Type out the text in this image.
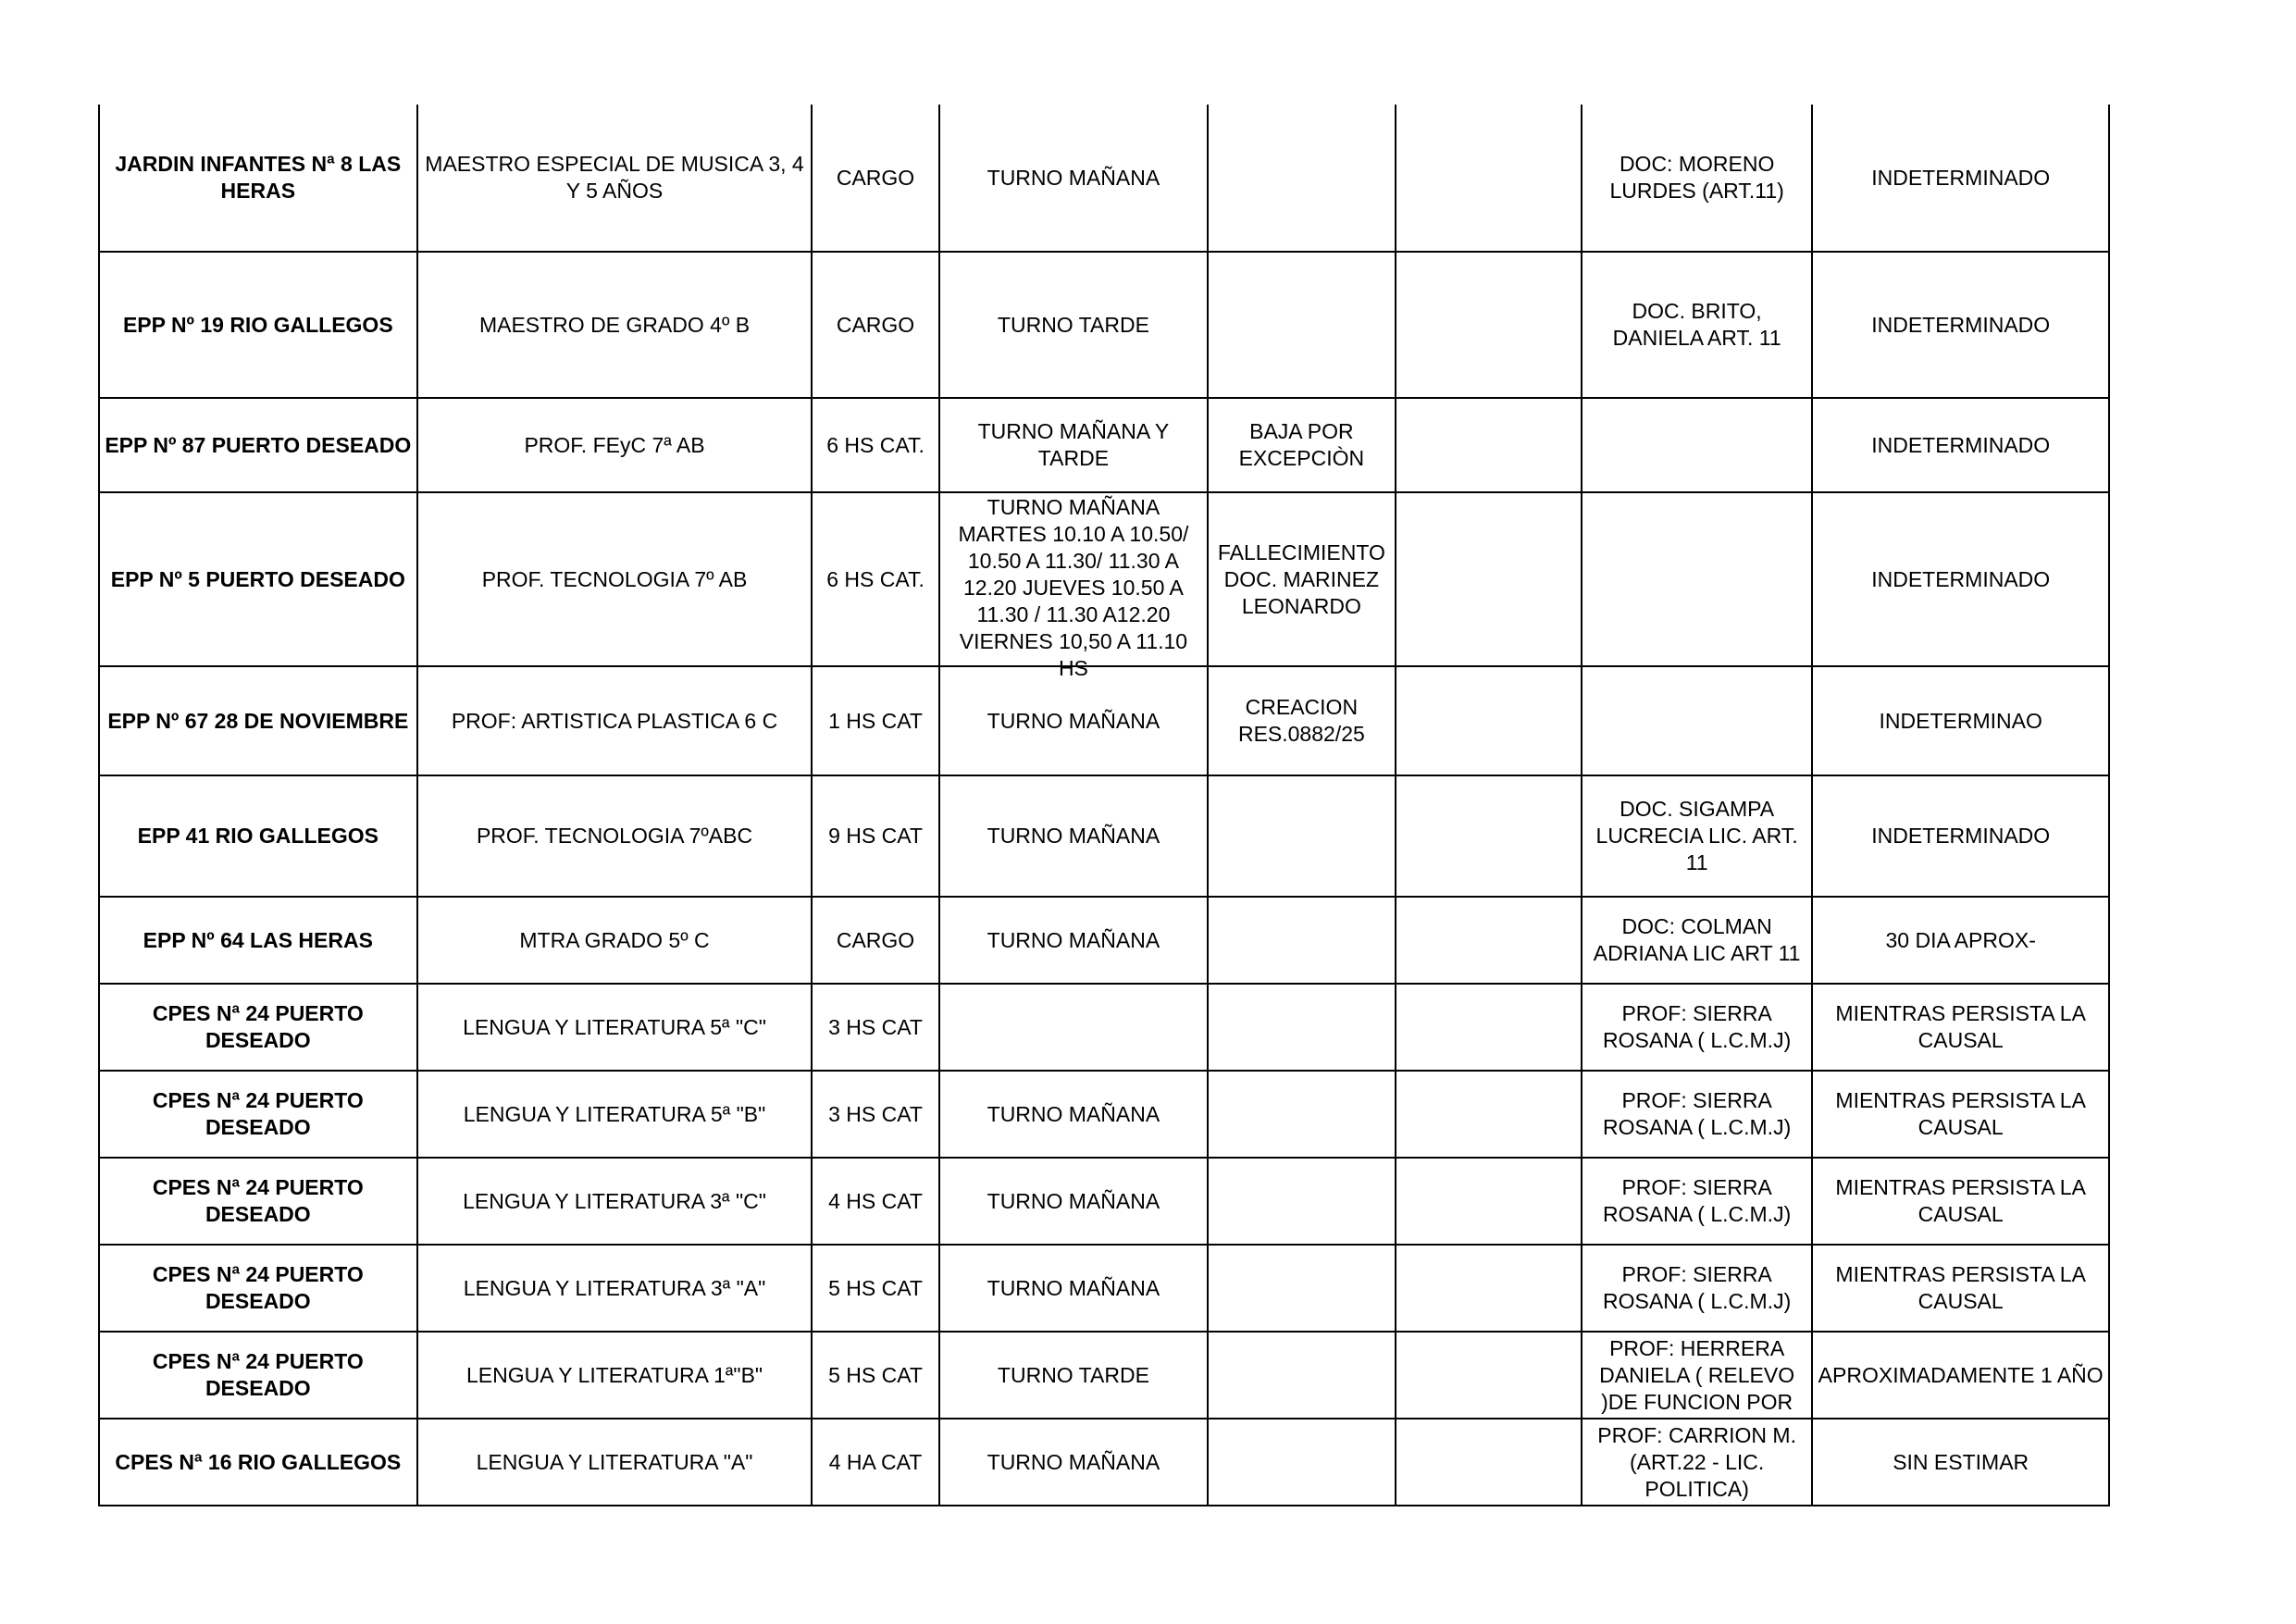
JARDIN INFANTES Nª 8 LAS HERAS	MAESTRO ESPECIAL DE MUSICA 3, 4 Y 5 AÑOS	CARGO	TURNO MAÑANA			DOC: MORENO LURDES (ART.11)	INDETERMINADO
EPP Nº 19 RIO GALLEGOS	MAESTRO DE GRADO 4º B	CARGO	TURNO TARDE			DOC. BRITO, DANIELA ART. 11	INDETERMINADO
EPP Nº 87 PUERTO DESEADO	PROF. FEyC 7ª AB	6 HS CAT.	TURNO MAÑANA Y TARDE	BAJA POR EXCEPCIÒN			INDETERMINADO
EPP Nº 5 PUERTO DESEADO	PROF. TECNOLOGIA 7º AB	6 HS CAT.	TURNO MAÑANA MARTES 10.10 A 10.50/ 10.50 A 11.30/ 11.30 A 12.20 JUEVES 10.50 A 11.30 / 11.30 A12.20 VIERNES 10,50 A 11.10 HS	FALLECIMIENTO DOC. MARINEZ LEONARDO			INDETERMINADO
EPP Nº 67 28 DE NOVIEMBRE	PROF: ARTISTICA PLASTICA 6 C	1 HS CAT	TURNO MAÑANA	CREACION RES.0882/25			INDETERMINAO
EPP 41 RIO GALLEGOS	PROF. TECNOLOGIA 7ºABC	9 HS CAT	TURNO MAÑANA			DOC. SIGAMPA LUCRECIA LIC. ART. 11	INDETERMINADO
EPP Nº 64 LAS HERAS	MTRA GRADO 5º C	CARGO	TURNO MAÑANA			DOC: COLMAN ADRIANA LIC ART 11	30 DIA APROX-
CPES Nª 24 PUERTO DESEADO	LENGUA Y LITERATURA 5ª "C"	3 HS CAT				PROF: SIERRA ROSANA ( L.C.M.J)	MIENTRAS PERSISTA LA CAUSAL
CPES Nª 24 PUERTO DESEADO	LENGUA Y LITERATURA 5ª "B"	3 HS CAT	TURNO MAÑANA			PROF: SIERRA ROSANA ( L.C.M.J)	MIENTRAS PERSISTA LA CAUSAL
CPES Nª 24 PUERTO DESEADO	LENGUA Y LITERATURA 3ª "C"	4 HS CAT	TURNO MAÑANA			PROF: SIERRA ROSANA ( L.C.M.J)	MIENTRAS PERSISTA LA CAUSAL
CPES Nª 24 PUERTO DESEADO	LENGUA Y LITERATURA 3ª "A"	5 HS CAT	TURNO MAÑANA			PROF: SIERRA ROSANA ( L.C.M.J)	MIENTRAS PERSISTA LA CAUSAL
CPES Nª 24 PUERTO DESEADO	LENGUA Y LITERATURA 1ª"B"	5 HS CAT	TURNO TARDE			PROF: HERRERA DANIELA ( RELEVO )DE FUNCION POR	APROXIMADAMENTE 1 AÑO
CPES Nª 16 RIO GALLEGOS	LENGUA Y LITERATURA "A"	4 HA CAT	TURNO MAÑANA			PROF: CARRION M. (ART.22 - LIC. POLITICA)	SIN ESTIMAR
